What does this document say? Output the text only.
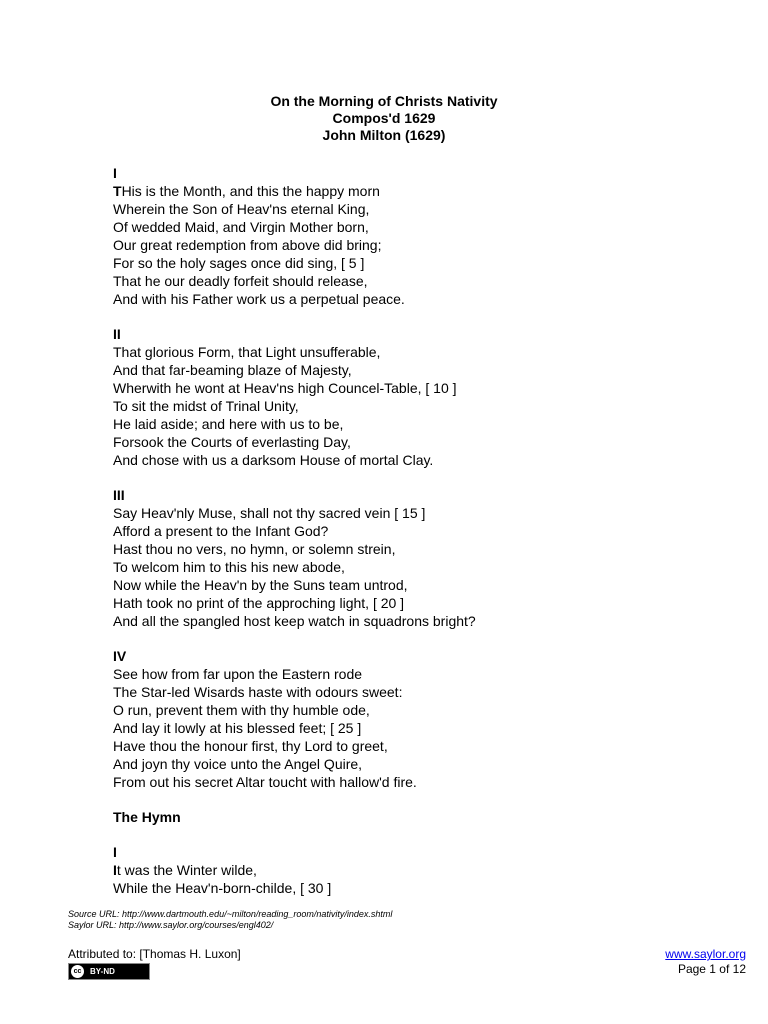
On the Morning of Christs Nativity
Compos'd 1629
John Milton (1629)
I
THis is the Month, and this the happy morn
Wherein the Son of Heav'ns eternal King,
Of wedded Maid, and Virgin Mother born,
Our great redemption from above did bring;
For so the holy sages once did sing, [ 5 ]
That he our deadly forfeit should release,
And with his Father work us a perpetual peace.
II
That glorious Form, that Light unsufferable,
And that far-beaming blaze of Majesty,
Wherwith he wont at Heav'ns high Councel-Table, [ 10 ]
To sit the midst of Trinal Unity,
He laid aside; and here with us to be,
Forsook the Courts of everlasting Day,
And chose with us a darksom House of mortal Clay.
III
Say Heav'nly Muse, shall not thy sacred vein [ 15 ]
Afford a present to the Infant God?
Hast thou no vers, no hymn, or solemn strein,
To welcom him to this his new abode,
Now while the Heav'n by the Suns team untrod,
Hath took no print of the approching light, [ 20 ]
And all the spangled host keep watch in squadrons bright?
IV
See how from far upon the Eastern rode
The Star-led Wisards haste with odours sweet:
O run, prevent them with thy humble ode,
And lay it lowly at his blessed feet; [ 25 ]
Have thou the honour first, thy Lord to greet,
And joyn thy voice unto the Angel Quire,
From out his secret Altar toucht with hallow'd fire.
The Hymn
I
It was the Winter wilde,
While the Heav'n-born-childe, [ 30 ]
Source URL: http://www.dartmouth.edu/~milton/reading_room/nativity/index.shtml
Saylor URL: http://www.saylor.org/courses/engl402/
Attributed to: [Thomas H. Luxon]
cc	BY-ND
www.saylor.org
Page 1 of 12
